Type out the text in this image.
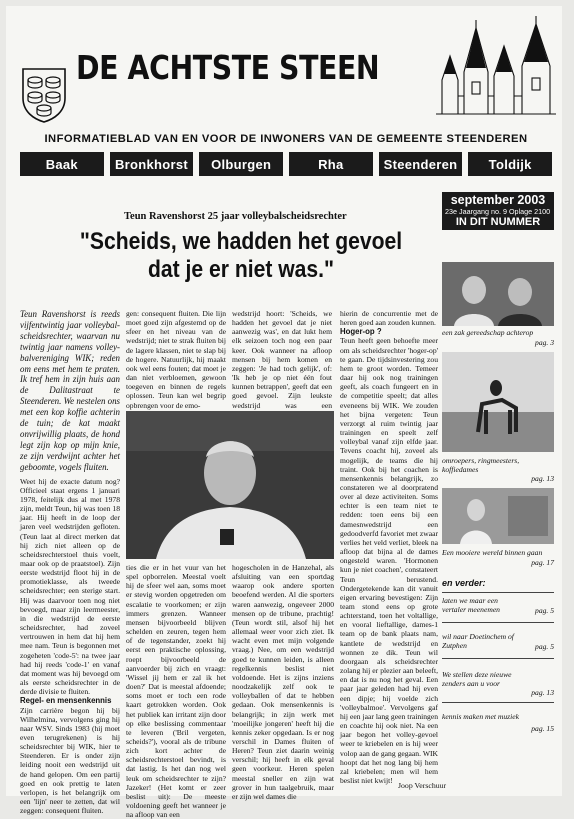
DE ACHTSTE STEEN
INFORMATIEBLAD VAN EN VOOR DE INWONERS VAN DE GEMEENTE STEENDEREN
Baak	Bronkhorst	Olburgen	Rha	Steenderen	Toldijk
september 2003
23e Jaargang no. 9 Oplage 2100
IN DIT NUMMER
Teun Ravenshorst 25 jaar volleybalscheidsrechter
"Scheids, we hadden het gevoel dat je er niet was."

Teun Ravenshorst is reeds vijfentwintig jaar volleybal-scheidsrechter, waarvan nu twintig jaar namens volley-balvereniging WIK; reden om eens met hem te praten. Ik tref hem in zijn huis aan de Dalitastraat te Steenderen. We nestelen ons met een kop koffie achterin de tuin; de kat maakt onvrijwillig plaats, de hond legt zijn kop op mijn knie, ze zijn verdwijnt achter het geboomte, vogels fluiten.

Weet hij de exacte datum nog? Officieel staat ergens 1 januari 1978, feitelijk dus al met 1978 zijn, meldt Teun, hij was toen 18 jaar. Hij heeft in de loop der jaren veel wedstrijden gefloten. (Teun laat al direct merken dat hij zich niet alleen op de scheidsrechterstoel thuis voelt, maar ook op de praatstoel). Zijn eerste wedstrijd floot hij in de promotieklasse, als tweede scheidsrechter; een sterige start. Hij was daarvoor toen nog niet bevoegd, maar zijn leermeester, in die wedstrijd de eerste scheidsrechter, had zoveel vertrouwen in hem dat hij hem mee nam. Teun is begonnen met zogeheten 'code-5': na twee jaar had hij reeds 'code-1' en vanaf dat moment was hij bevoegd om als eerste scheidsrechter in de derde divisie te fluiten.

Regel- en mensenkennis

Zijn carrière begon hij bij Wilhelmina, vervolgens ging hij naar WSV. Sinds 1983 (hij moet even terugrekenen) is hij scheidsrechter bij WIK, hier te Steenderen. Er is onder zijn leiding nooit een wedstrijd uit de hand gelopen. Om een partij goed en ook prettig te laten verlopen, is het belangrijk om een 'lijn' neer te zetten, dat wil zeggen: consequent fluiten.

gen: consequent fluiten. Die lijn moet goed zijn afgestemd op de sfeer en het niveau van de wedstrijd; niet te strak fluiten bij de lagere klassen, niet te slap bij de hogere. Natuurlijk, hij maakt ook wel eens fouten; dat moet je dan niet verbloemen, gewoon toegeven en binnen de regels oplossen. Teun kan wel begrip opbrengen voor de emo-

ties die er in het vuur van het spel opborrelen. Meestal voelt hij de sfeer wel aan, soms moet er stevig worden opgetreden om escalatie te voorkomen; er zijn immers grenzen. Wanneer mensen bijvoorbeeld blijven schelden en zeuren, tegen hem of de tegenstander, zoekt hij eerst een praktische oplossing, roept bijvoorbeeld de aanvoerder bij zich en vraagt: 'Wissel jij hem er zal ik het doen?' Dat is meestal afdoende; soms moet er toch een rode kaart getrokken worden. Ook het publiek kan irritant zijn door op elke beslissing commentaar te leveren ('Bril vergeten, scheids?'), vooral als de tribune zich kort achter de scheidsrechterstoel bevindt, is dat lastig. Is het dan nog wel leuk om scheidsrechter te zijn? Jazeker! (Het komt er zeer beslist uit): De meeste voldoening geeft het wanneer je na afloop van een

wedstrijd hoort: 'Scheids, we hadden het gevoel dat je niet aanwezig was', en dat lukt hem elk seizoen toch nog een paar keer. Ook wanneer na afloop mensen bij hem komen en zeggen: 'Je had toch gelijk', of: 'Ik heb je op niet één fout kunnen betrappen', geeft dat een goed gevoel. Zijn leukste wedstrijd was een

hogescholen in de Hanzehal, als afsluiting van een sportdag waarop ook andere sporten beoefend werden. Al die sporters waren aanwezig, ongeveer 2000 mensen op de tribune, prachtig! (Teun wordt stil, alsof hij het allemaal weer voor zich ziet. Ik wacht even met mijn volgende vraag.) Nee, om een wedstrijd goed te kunnen leiden, is alleen regelkennis beslist niet voldoende. Het is zijns inziens noodzakelijk zelf ook te volleyballen of dat te hebben gedaan. Ook mensenkennis is belangrijk; in zijn werk met 'moeilijke jongeren' heeft hij die kennis zeker opgedaan. Is er nog verschil in Dames fluiten of Heren? Teun ziet daarin weinig verschil; hij heeft in elk geval geen voorkeur. Heren spelen meestal sneller en zijn wat grover in hun taalgebruik, maar er zijn wel dames die

hierin de concurrentie met de heren goed aan zouden kunnen.

Hoger-op ?

Teun heeft geen behoefte meer om als scheidsrechter 'hoger-op' te gaan. De tijdsinvestering zou hem te groot worden. Temeer daar hij ook nog trainingen geeft, als coach fungeert en in de competitie speelt; dat alles eveneens bij WIK. We zouden het bijna vergeten: Teun verzorgt al ruim twintig jaar trainingen en speelt zelf volleybal vanaf zijn elfde jaar. Tevens coacht hij, zoveel als mogelijk, de teams die hij traint. Ook bij het coachen is mensenkennis belangrijk, zo constateren we al doorpratend over al deze activiteiten. Soms echter is een team niet te redden: toen eens bij een damesnwedstrijd een gedoodverfd favoriet met zwaar verlies het veld verliet, bleek na afloop dat bijna al de dames ongesteld waren. 'Hormonen kun je niet coachen', constateert Teun berustend. Ondergetekende kan dit vanuit eigen ervaring bevestigen: Zijn team stond eens op grote achterstand, toen het voltallige, en vooral lieftallige, dames-1 team op de bank plaats nam, kantlete de wedstrijd en wonnen ze dik. Teun wil doorgaan als scheidsrechter zolang hij er plezier aan beleeft, en dat is nu nog het geval. Een paar jaar geleden had hij even een dipje; hij voelde zich 'volleybalmoe'. Vervolgens gaf hij een jaar lang geen trainingen en coachte hij ook niet. Na een jaar begon het volley-gevoel weer te kriebelen en is hij weer volop aan de gang gegaan. WIK hoopt dat het nog lang bij hem zal kriebelen; men wil hem beslist niet kwijt!

Joop Verschuur
een zak gereedschap achterop
pag. 3
omroepers, ringmeesters, koffiedames
pag. 13
Een mooiere wereld binnen gaan
pag. 17
en verder:
laten we maar een vertaler meenemen	pag. 5
wil naar Doetinchem of Zutphen	pag. 5
We stellen deze nieuwe zenders aan u voor
pag. 13
kennis maken met muziek
pag. 15
